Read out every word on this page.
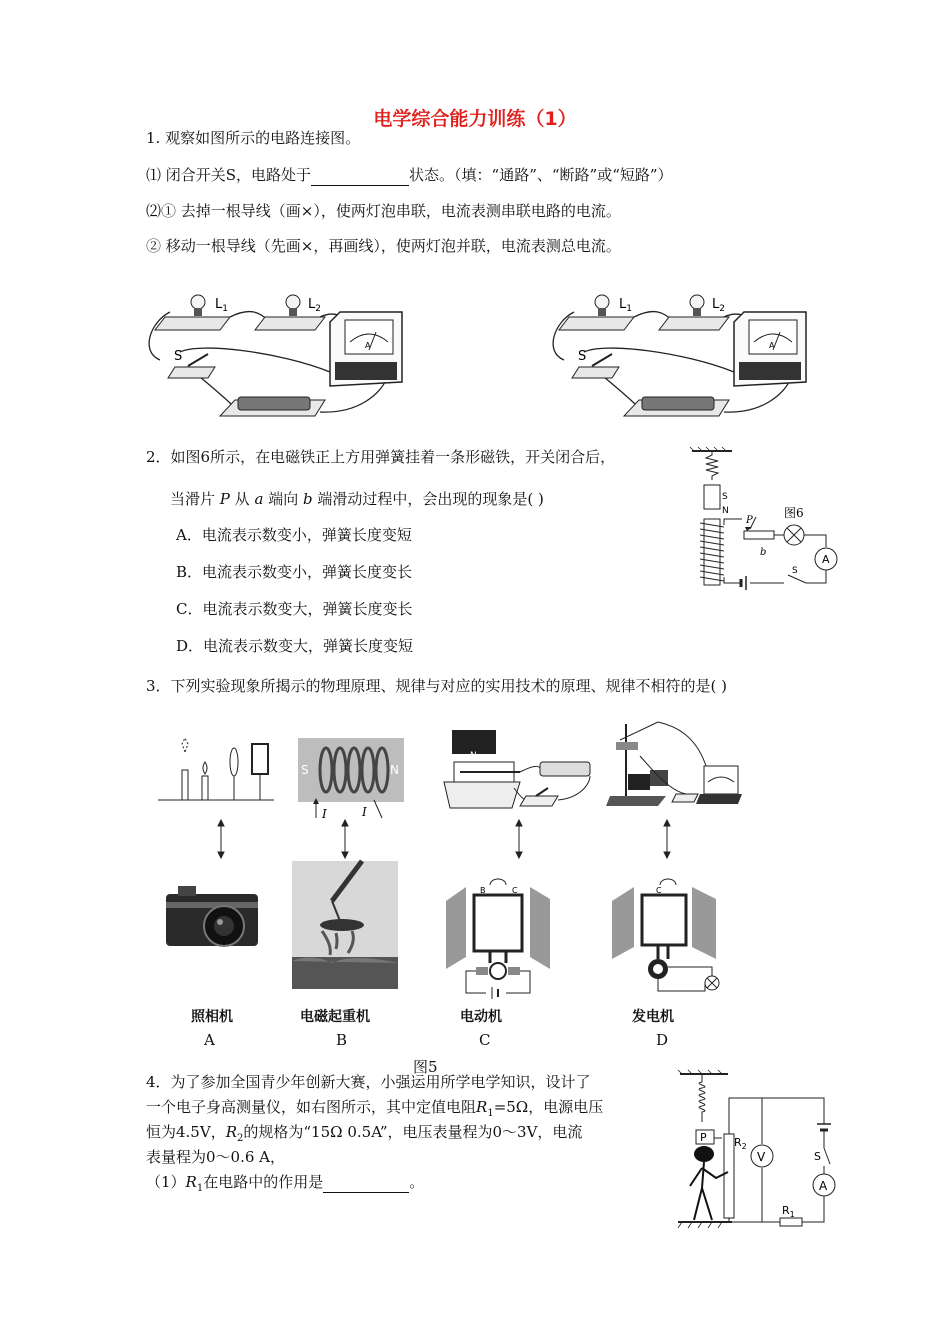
电学综合能力训练（1）
1. 观察如图所示的电路连接图。
⑴ 闭合开关S，电路处于	状态。（填：“通路”、“断路”或“短路”）
⑵① 去掉一根导线（画×），使两灯泡串联，电流表测串联电路的电流。
② 移动一根导线（先画×，再画线），使两灯泡并联，电流表测总电流。
$L_1$	$L_2$
A
S
$L_1$	$L_2$
A
S
2．如图6所示，在电磁铁正上方用弹簧挂着一条形磁铁，开关闭合后，
当滑片 P 从 a 端向 b 端滑动过程中，会出现的现象是( )
A．电流表示数变小，弹簧长度变短
B．电流表示数变小，弹簧长度变长
C．电流表示数变大，弹簧长度变长
D．电流表示数变大，弹簧长度变短
S
N
P
b
A
S
图6
3．下列实验现象所揭示的物理原理、规律与对应的实用技术的原理、规律不相符的是( )
S	N
I	I
N
B	C	C
照相机	电磁起重机	电动机	发电机
A	B	C	D
图5
4．为了参加全国青少年创新大赛，小强运用所学电学知识，设计了
一个电子身高测量仪，如右图所示，其中定值电阻$R_1=5\Omega$，电源电压
恒为4.5V，$R_2$的规格为“15Ω 0.5A”，电压表量程为0～3V，电流
表量程为0～0.6 A，
$(1)R_1$在电路中的作用是	。
P $R_2$
V
$R_1$
S
A
